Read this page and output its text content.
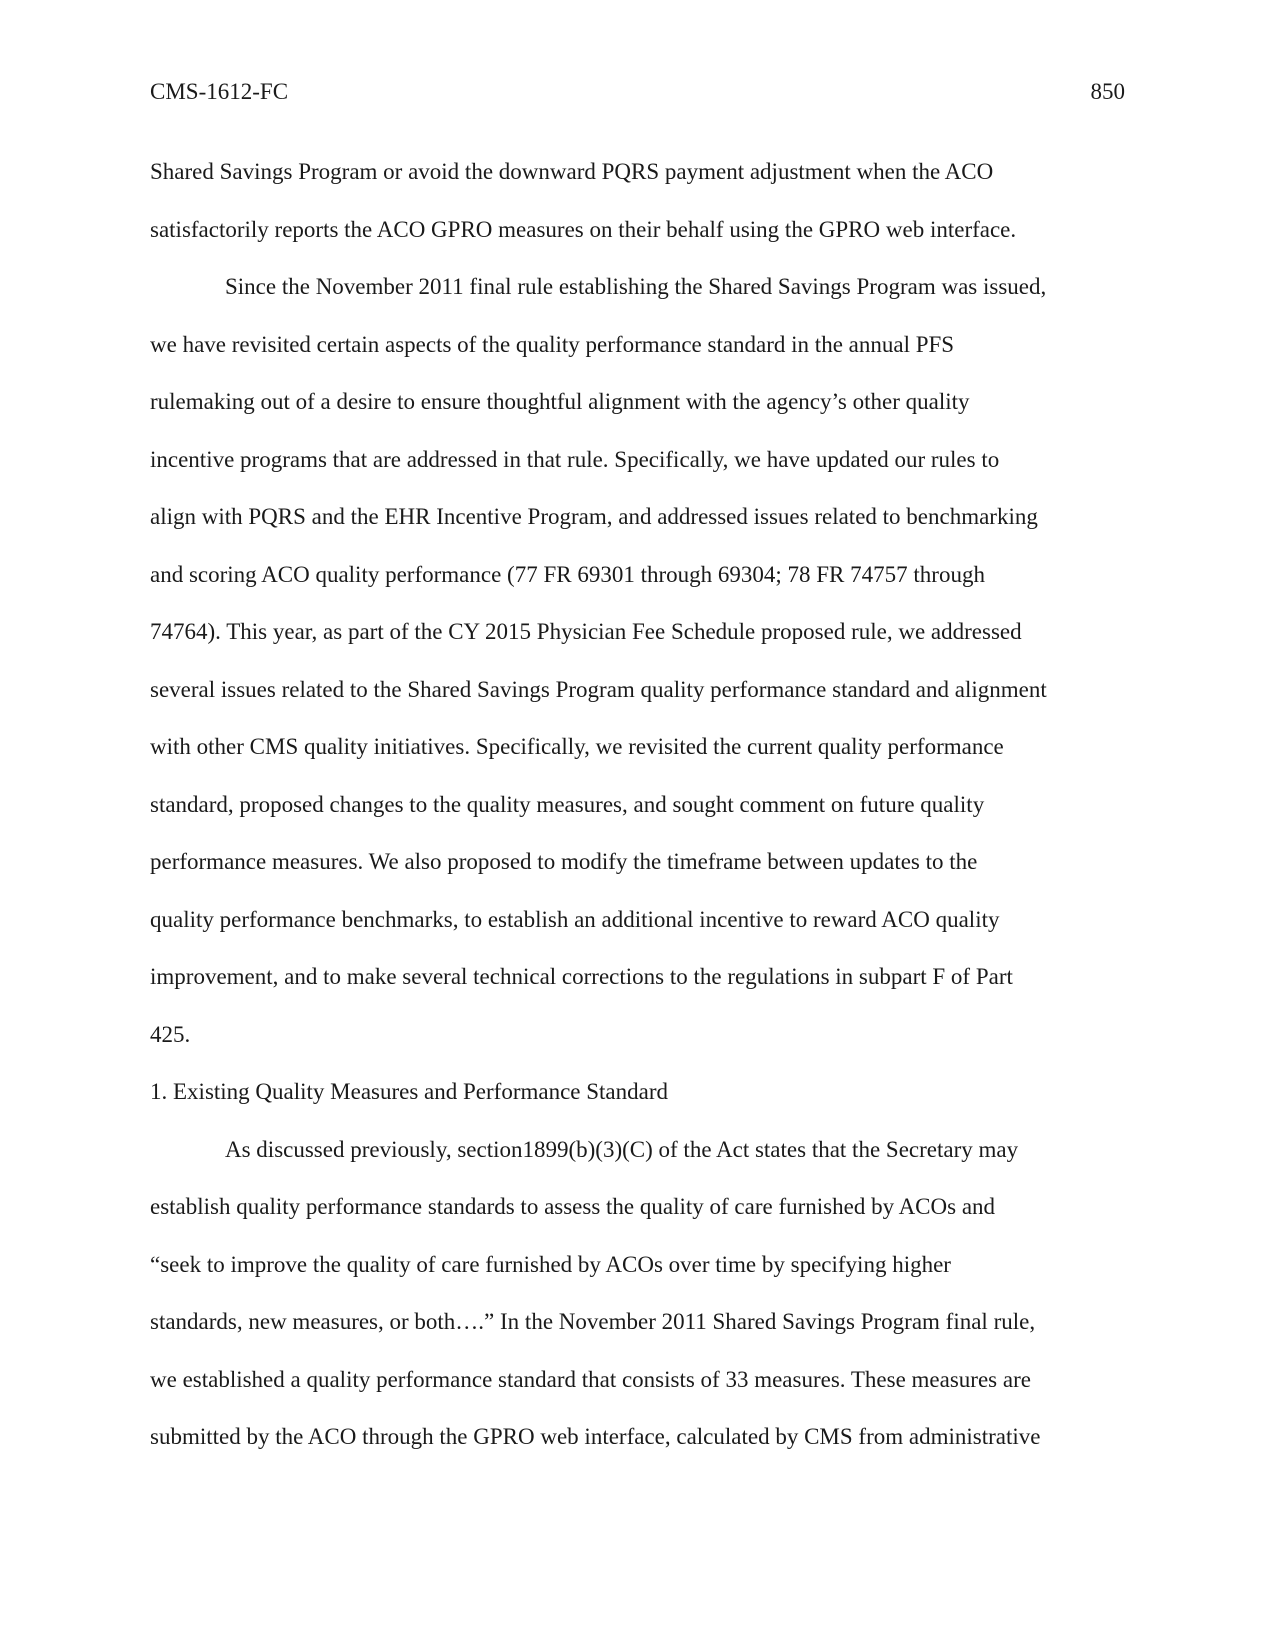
CMS-1612-FC	850
Shared Savings Program or avoid the downward PQRS payment adjustment when the ACO
satisfactorily reports the ACO GPRO measures on their behalf using the GPRO web interface.
Since the November 2011 final rule establishing the Shared Savings Program was issued,
we have revisited certain aspects of the quality performance standard in the annual PFS
rulemaking out of a desire to ensure thoughtful alignment with the agency’s other quality
incentive programs that are addressed in that rule. Specifically, we have updated our rules to
align with PQRS and the EHR Incentive Program, and addressed issues related to benchmarking
and scoring ACO quality performance (77 FR 69301 through 69304; 78 FR 74757 through
74764). This year, as part of the CY 2015 Physician Fee Schedule proposed rule, we addressed
several issues related to the Shared Savings Program quality performance standard and alignment
with other CMS quality initiatives. Specifically, we revisited the current quality performance
standard, proposed changes to the quality measures, and sought comment on future quality
performance measures. We also proposed to modify the timeframe between updates to the
quality performance benchmarks, to establish an additional incentive to reward ACO quality
improvement, and to make several technical corrections to the regulations in subpart F of Part
425.
1. Existing Quality Measures and Performance Standard
As discussed previously, section1899(b)(3)(C) of the Act states that the Secretary may
establish quality performance standards to assess the quality of care furnished by ACOs and
“seek to improve the quality of care furnished by ACOs over time by specifying higher
standards, new measures, or both….” In the November 2011 Shared Savings Program final rule,
we established a quality performance standard that consists of 33 measures. These measures are
submitted by the ACO through the GPRO web interface, calculated by CMS from administrative
